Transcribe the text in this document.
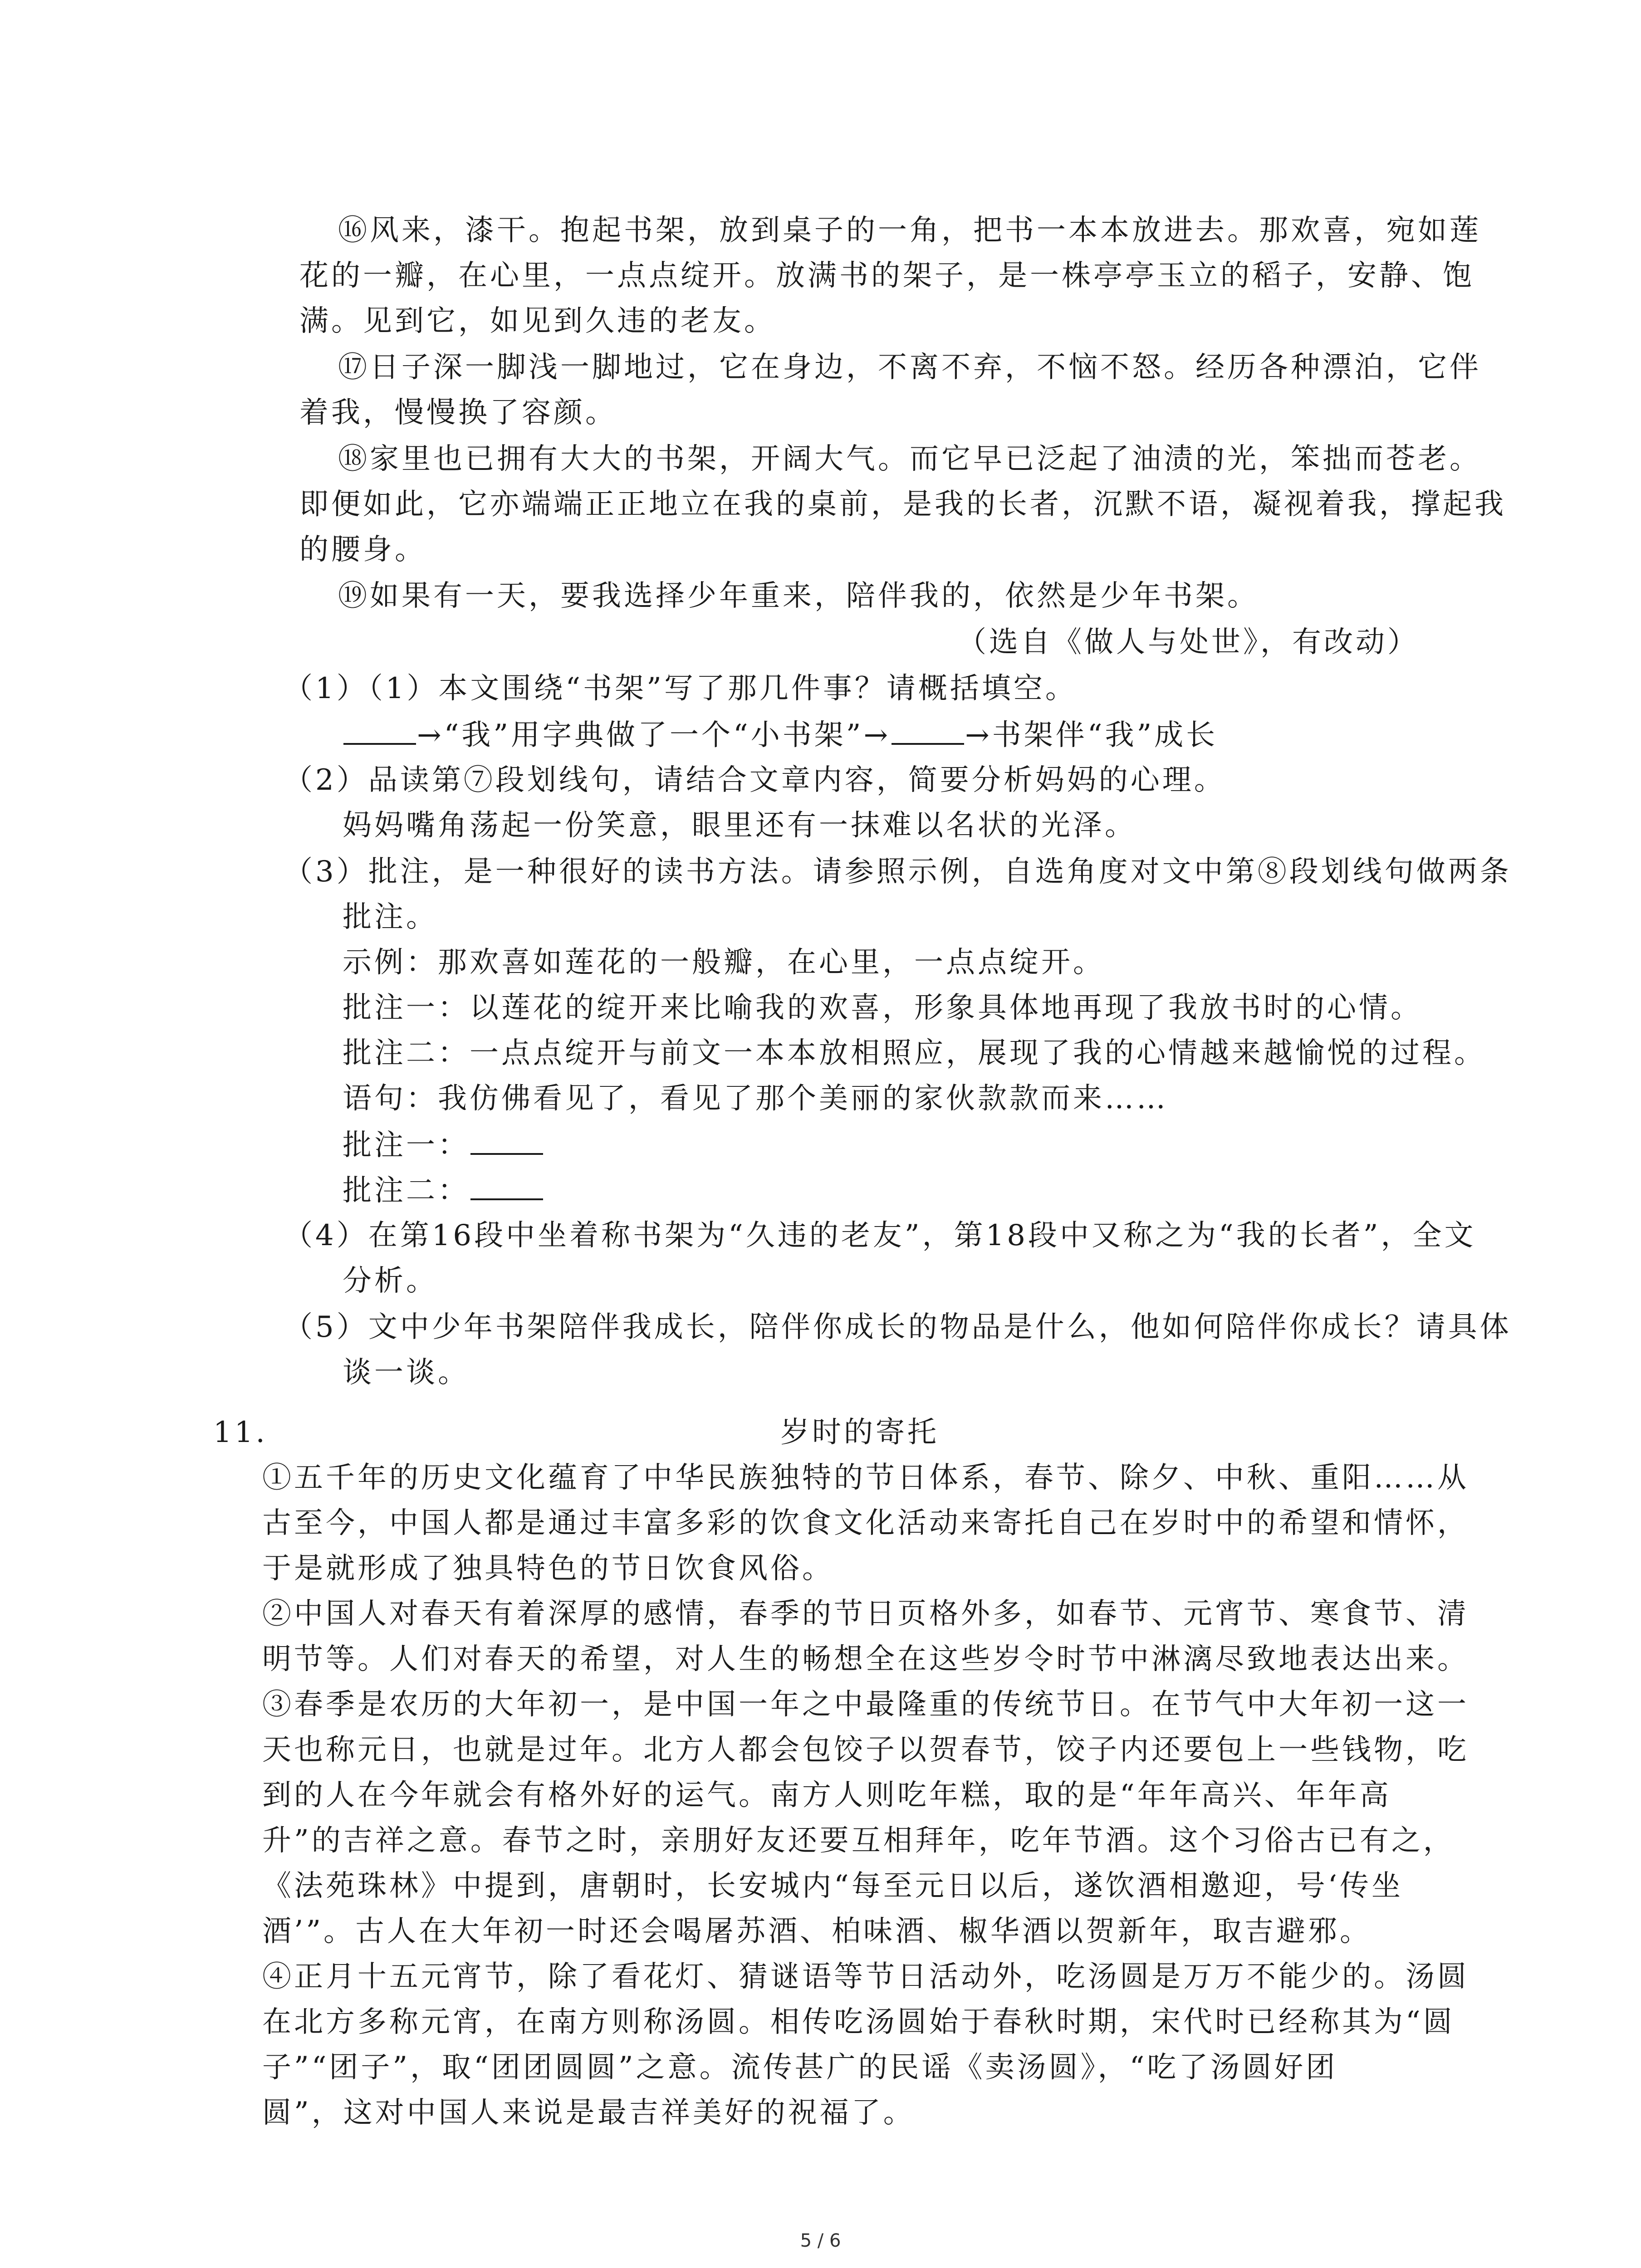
⑯风来，漆干。抱起书架，放到桌子的一角，把书一本本放进去。那欢喜，宛如莲
花的一瓣，在心里，一点点绽开。放满书的架子，是一株亭亭玉立的稻子，安静、饱
满。见到它，如见到久违的老友。
⑰日子深一脚浅一脚地过，它在身边，不离不弃，不恼不怒。经历各种漂泊，它伴
着我，慢慢换了容颜。
⑱家里也已拥有大大的书架，开阔大气。而它早已泛起了油渍的光，笨拙而苍老。
即便如此，它亦端端正正地立在我的桌前，是我的长者，沉默不语，凝视着我，撑起我
的腰身。
⑲如果有一天，要我选择少年重来，陪伴我的，依然是少年书架。
（选自《做人与处世》，有改动）
（1）（1）本文围绕“书架”写了那几件事？请概括填空。
→“我”用字典做了一个“小书架”→	→书架伴“我”成长
（2）品读第⑦段划线句，请结合文章内容，简要分析妈妈的心理。
妈妈嘴角荡起一份笑意，眼里还有一抹难以名状的光泽。
（3）批注，是一种很好的读书方法。请参照示例，自选角度对文中第⑧段划线句做两条
批注。
示例：那欢喜如莲花的一般瓣，在心里，一点点绽开。
批注一：以莲花的绽开来比喻我的欢喜，形象具体地再现了我放书时的心情。
批注二：一点点绽开与前文一本本放相照应，展现了我的心情越来越愉悦的过程。
语句：我仿佛看见了，看见了那个美丽的家伙款款而来……
批注一：
批注二：
（4）在第16段中坐着称书架为“久违的老友”，第18段中又称之为“我的长者”，全文
分析。
（5）文中少年书架陪伴我成长，陪伴你成长的物品是什么，他如何陪伴你成长？请具体
谈一谈。
11.	岁时的寄托
①五千年的历史文化蕴育了中华民族独特的节日体系，春节、除夕、中秋、重阳……从
古至今，中国人都是通过丰富多彩的饮食文化活动来寄托自己在岁时中的希望和情怀，
于是就形成了独具特色的节日饮食风俗。
②中国人对春天有着深厚的感情，春季的节日页格外多，如春节、元宵节、寒食节、清
明节等。人们对春天的希望，对人生的畅想全在这些岁令时节中淋漓尽致地表达出来。
③春季是农历的大年初一，是中国一年之中最隆重的传统节日。在节气中大年初一这一
天也称元日，也就是过年。北方人都会包饺子以贺春节，饺子内还要包上一些钱物，吃
到的人在今年就会有格外好的运气。南方人则吃年糕，取的是“年年高兴、年年高
升”的吉祥之意。春节之时，亲朋好友还要互相拜年，吃年节酒。这个习俗古已有之，
《法苑珠林》中提到，唐朝时，长安城内“每至元日以后，遂饮酒相邀迎，号‘传坐
酒’”。古人在大年初一时还会喝屠苏酒、柏味酒、椒华酒以贺新年，取吉避邪。
④正月十五元宵节，除了看花灯、猜谜语等节日活动外，吃汤圆是万万不能少的。汤圆
在北方多称元宵，在南方则称汤圆。相传吃汤圆始于春秋时期，宋代时已经称其为“圆
子”“团子”，取“团团圆圆”之意。流传甚广的民谣《卖汤圆》，“吃了汤圆好团
圆”，这对中国人来说是最吉祥美好的祝福了。
5 / 6
